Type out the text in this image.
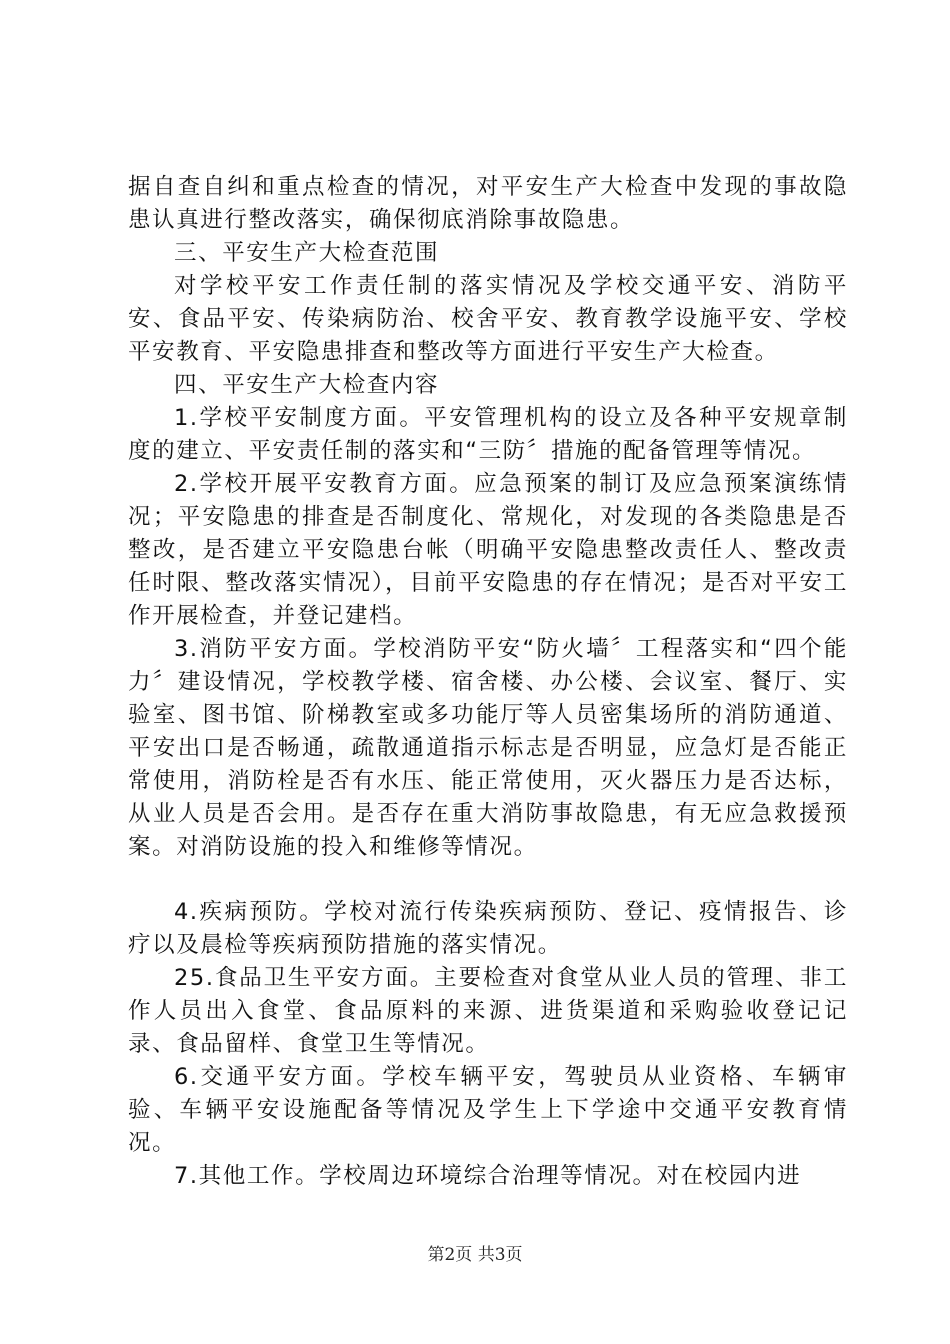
据自查自纠和重点检查的情况，对平安生产大检查中发现的事故隐患认真进行整改落实，确保彻底消除事故隐患。

三、平安生产大检查范围

对学校平安工作责任制的落实情况及学校交通平安、消防平安、食品平安、传染病防治、校舍平安、教育教学设施平安、学校平安教育、平安隐患排查和整改等方面进行平安生产大检查。

四、平安生产大检查内容

1.学校平安制度方面。平安管理机构的设立及各种平安规章制度的建立、平安责任制的落实和“三防〞措施的配备管理等情况。

2.学校开展平安教育方面。应急预案的制订及应急预案演练情况；平安隐患的排查是否制度化、常规化，对发现的各类隐患是否整改，是否建立平安隐患台帐（明确平安隐患整改责任人、整改责任时限、整改落实情况），目前平安隐患的存在情况；是否对平安工作开展检查，并登记建档。

3.消防平安方面。学校消防平安“防火墙〞工程落实和“四个能力〞建设情况，学校教学楼、宿舍楼、办公楼、会议室、餐厅、实验室、图书馆、阶梯教室或多功能厅等人员密集场所的消防通道、平安出口是否畅通，疏散通道指示标志是否明显，应急灯是否能正常使用，消防栓是否有水压、能正常使用，灭火器压力是否达标，从业人员是否会用。是否存在重大消防事故隐患，有无应急救援预案。对消防设施的投入和维修等情况。

4.疾病预防。学校对流行传染疾病预防、登记、疫情报告、诊疗以及晨检等疾病预防措施的落实情况。

25.食品卫生平安方面。主要检查对食堂从业人员的管理、非工作人员出入食堂、食品原料的来源、进货渠道和采购验收登记记录、食品留样、食堂卫生等情况。

6.交通平安方面。学校车辆平安，驾驶员从业资格、车辆审验、车辆平安设施配备等情况及学生上下学途中交通平安教育情况。

7.其他工作。学校周边环境综合治理等情况。对在校园内进

第2页 共3页
